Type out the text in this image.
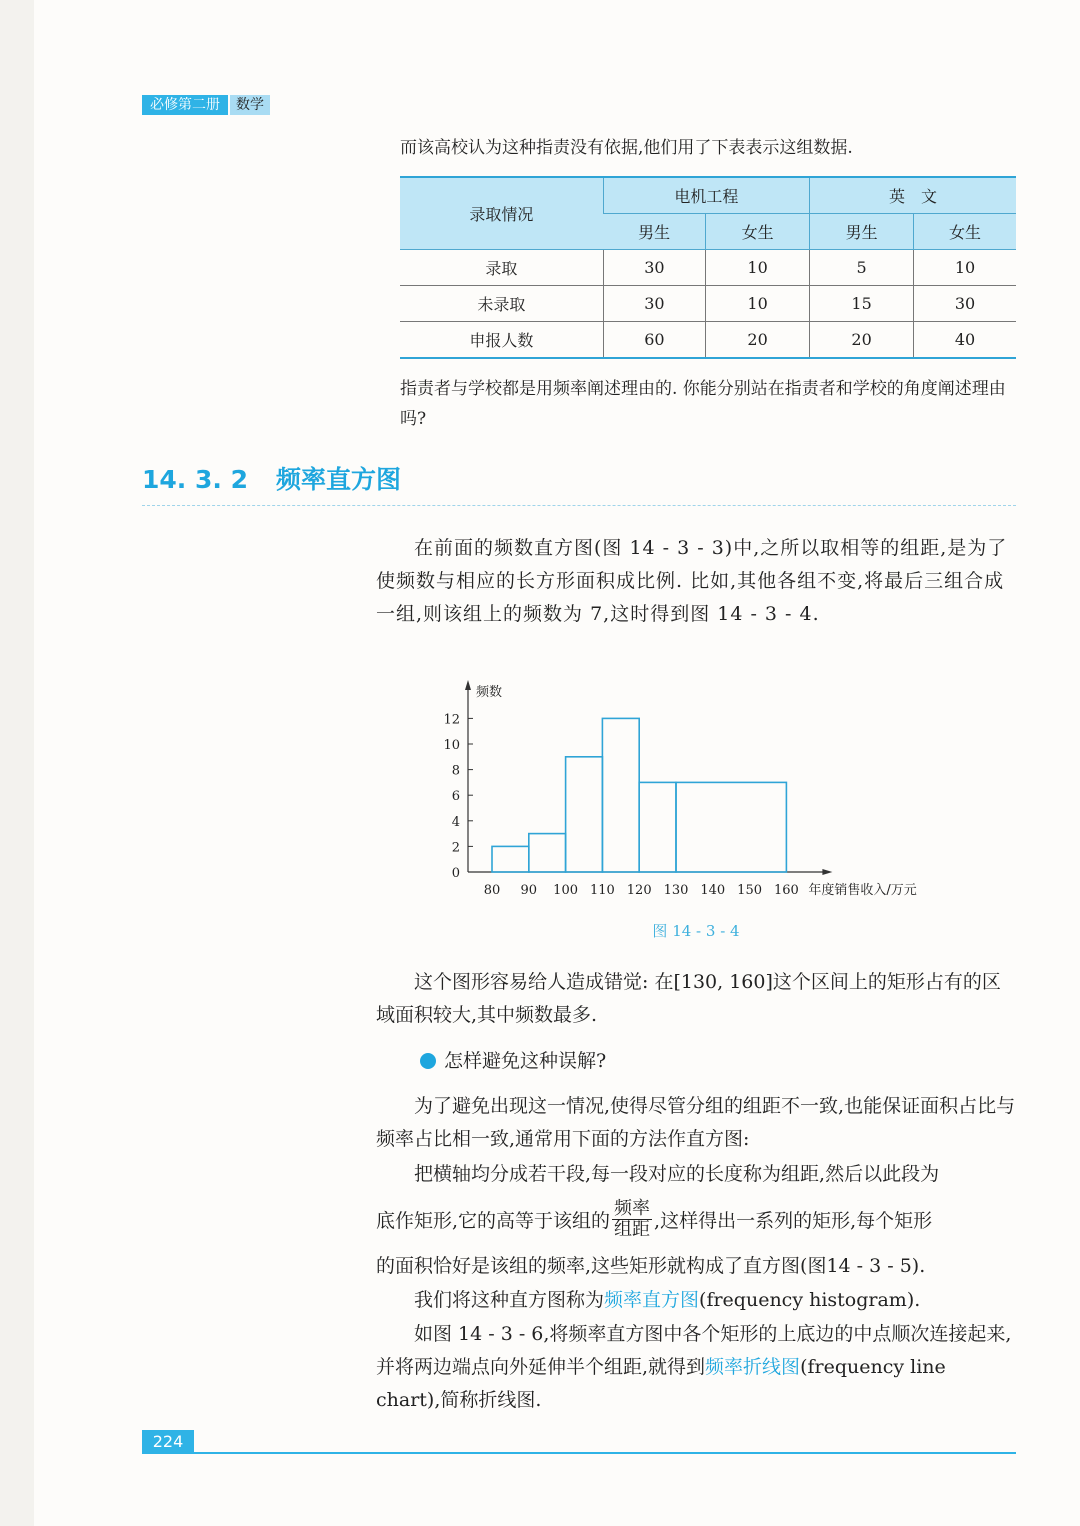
必修第二册	数学
而该高校认为这种指责没有依据,他们用了下表表示这组数据.
录取情况	电机工程		英　文	
	男生	女生	男生	女生
录取	30	10	5	10
未录取	30	10	15	30
申报人数	60	20	20	40
指责者与学校都是用频率阐述理由的. 你能分别站在指责者和学校的角度阐述理由吗?
14. 3. 2 频率直方图
在前面的频数直方图(图 14 - 3 - 3)中,之所以取相等的组距,是为了使频数与相应的长方形面积成比例. 比如,其他各组不变,将最后三组合成一组,则该组上的频数为 7,这时得到图 14 - 3 - 4.
0
2
4
6
8
10
12
80 90 100 110 120 130 140 150 160
频数
年度销售收入/万元
图 14 - 3 - 4
这个图形容易给人造成错觉: 在[130, 160]这个区间上的矩形占有的区域面积较大,其中频数最多.
怎样避免这种误解?
为了避免出现这一情况,使得尽管分组的组距不一致,也能保证面积占比与频率占比相一致,通常用下面的方法作直方图:
把横轴均分成若干段,每一段对应的长度称为组距,然后以此段为
底作矩形,它的高等于该组的 $\frac{\text{频率}}{\text{组距}}$ ,这样得出一系列的矩形,每个矩形
的面积恰好是该组的频率,这些矩形就构成了直方图(图14 - 3 - 5).
我们将这种直方图称为频率直方图(frequency histogram).
如图 14 - 3 - 6,将频率直方图中各个矩形的上底边的中点顺次连接起来,并将两边端点向外延伸半个组距,就得到频率折线图(frequency line chart),简称折线图.
224
